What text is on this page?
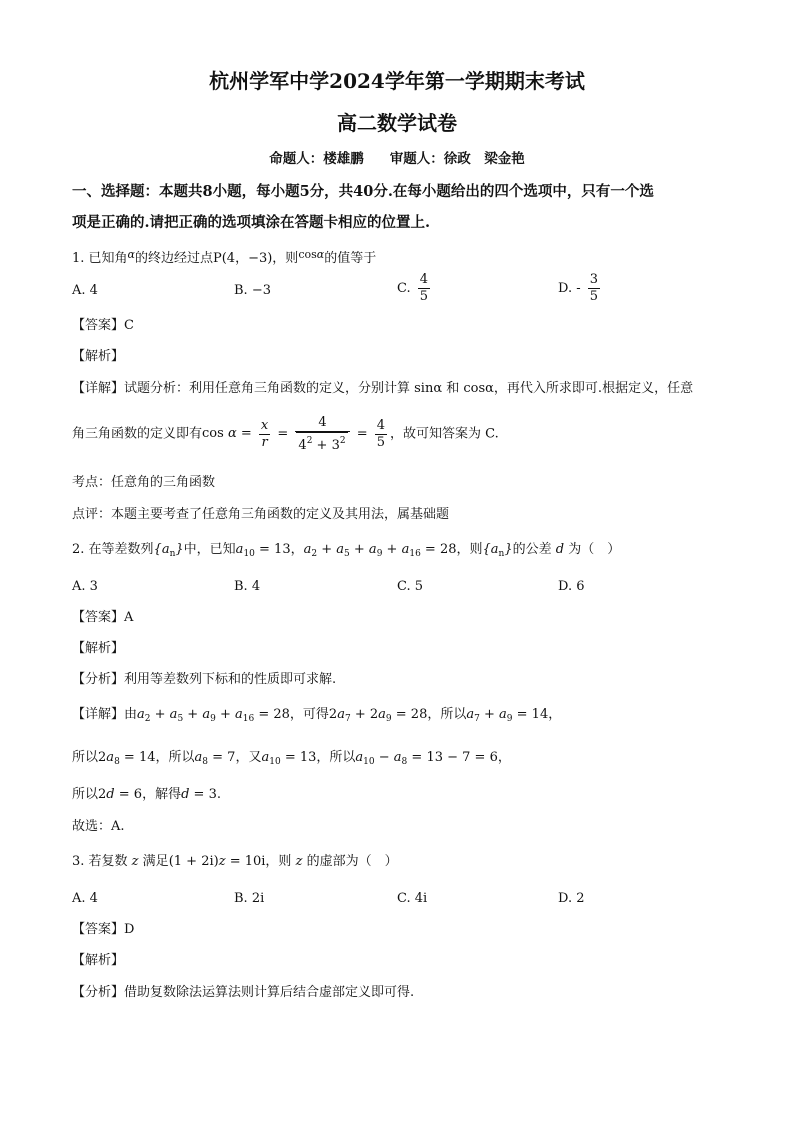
杭州学军中学2024学年第一学期期末考试
高二数学试卷
命题人：楼雄鹏 审题人：徐政　梁金艳
一、选择题：本题共8小题，每小题5分，共40分.在每小题给出的四个选项中，只有一个选
项是正确的.请把正确的选项填涂在答题卡相应的位置上.
1. 已知角$^\alpha$的终边经过点P(4，−3)，则$^{cos\alpha}$的值等于
A. 4	B. −3	C. $\frac{4}{5}$	D. - $\frac{3}{5}$
【答案】C
【解析】
【详解】试题分析：利用任意角三角函数的定义，分别计算 sinα 和 cosα，再代入所求即可.根据定义，任意
角三角函数的定义即有$\cos \alpha = \frac{x}{r} = \frac{4}{4^2 + 3^2} = \frac{4}{5}$ ，故可知答案为 C.
考点：任意角的三角函数
点评：本题主要考查了任意角三角函数的定义及其用法，属基础题
2. 在等差数列$\{a_n\}$中，已知$a_{10} = 13$，$a_2 + a_5 + a_9 + a_{16} = 28$，则$\{a_n\}$的公差 d 为（　）
A. 3	B. 4	C. 5	D. 6
【答案】A
【解析】
【分析】利用等差数列下标和的性质即可求解.
【详解】由$a_2 + a_5 + a_9 + a_{16} = 28$，可得$2a_7 + 2a_9 = 28$，所以$a_7 + a_9 = 14$，
所以$2a_8 = 14$，所以$a_8 = 7$，又$a_{10} = 13$，所以$a_{10} - a_8 = 13 - 7 = 6$，
所以2d = 6，解得d = 3.
故选：A.
3. 若复数 z 满足(1 + 2i)z = 10i，则 z 的虚部为（　）
A. 4	B. 2i	C. 4i	D. 2
【答案】D
【解析】
【分析】借助复数除法运算法则计算后结合虚部定义即可得.
